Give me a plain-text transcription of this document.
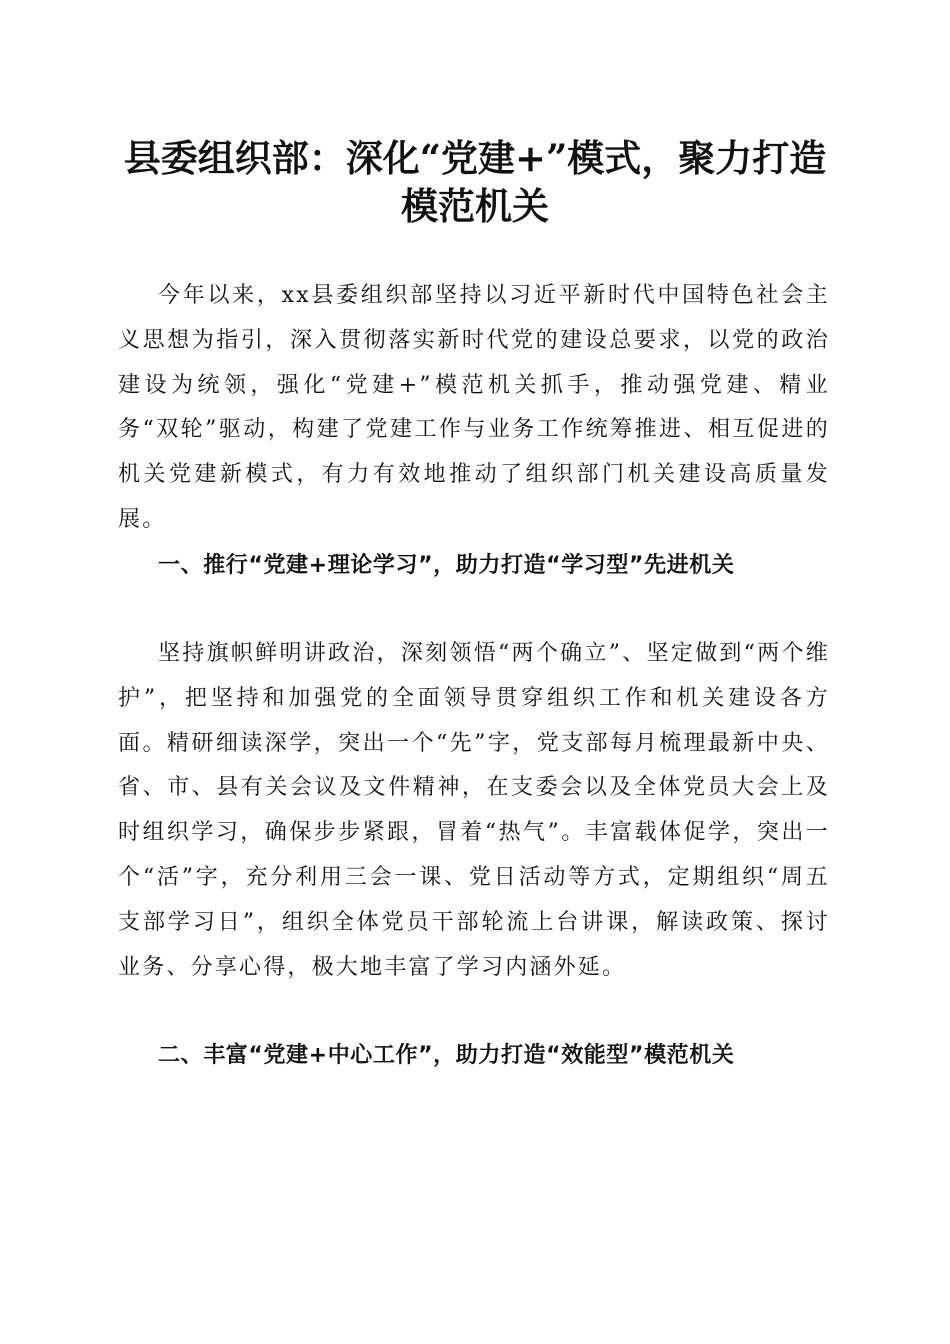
县委组织部：深化“党建+”模式，聚力打造
模范机关

今年以来，xx县委组织部坚持以习近平新时代中国特色社会主义思想为指引，深入贯彻落实新时代党的建设总要求，以党的政治建设为统领，强化“党建+”模范机关抓手，推动强党建、精业务“双轮”驱动，构建了党建工作与业务工作统筹推进、相互促进的机关党建新模式，有力有效地推动了组织部门机关建设高质量发展。

一、推行“党建+理论学习”，助力打造“学习型”先进机关

坚持旗帜鲜明讲政治，深刻领悟“两个确立”、坚定做到“两个维护”，把坚持和加强党的全面领导贯穿组织工作和机关建设各方面。精研细读深学，突出一个“先”字，党支部每月梳理最新中央、省、市、县有关会议及文件精神，在支委会以及全体党员大会上及时组织学习，确保步步紧跟，冒着“热气”。丰富载体促学，突出一个“活”字，充分利用三会一课、党日活动等方式，定期组织“周五支部学习日”，组织全体党员干部轮流上台讲课，解读政策、探讨业务、分享心得，极大地丰富了学习内涵外延。

二、丰富“党建+中心工作”，助力打造“效能型”模范机关
